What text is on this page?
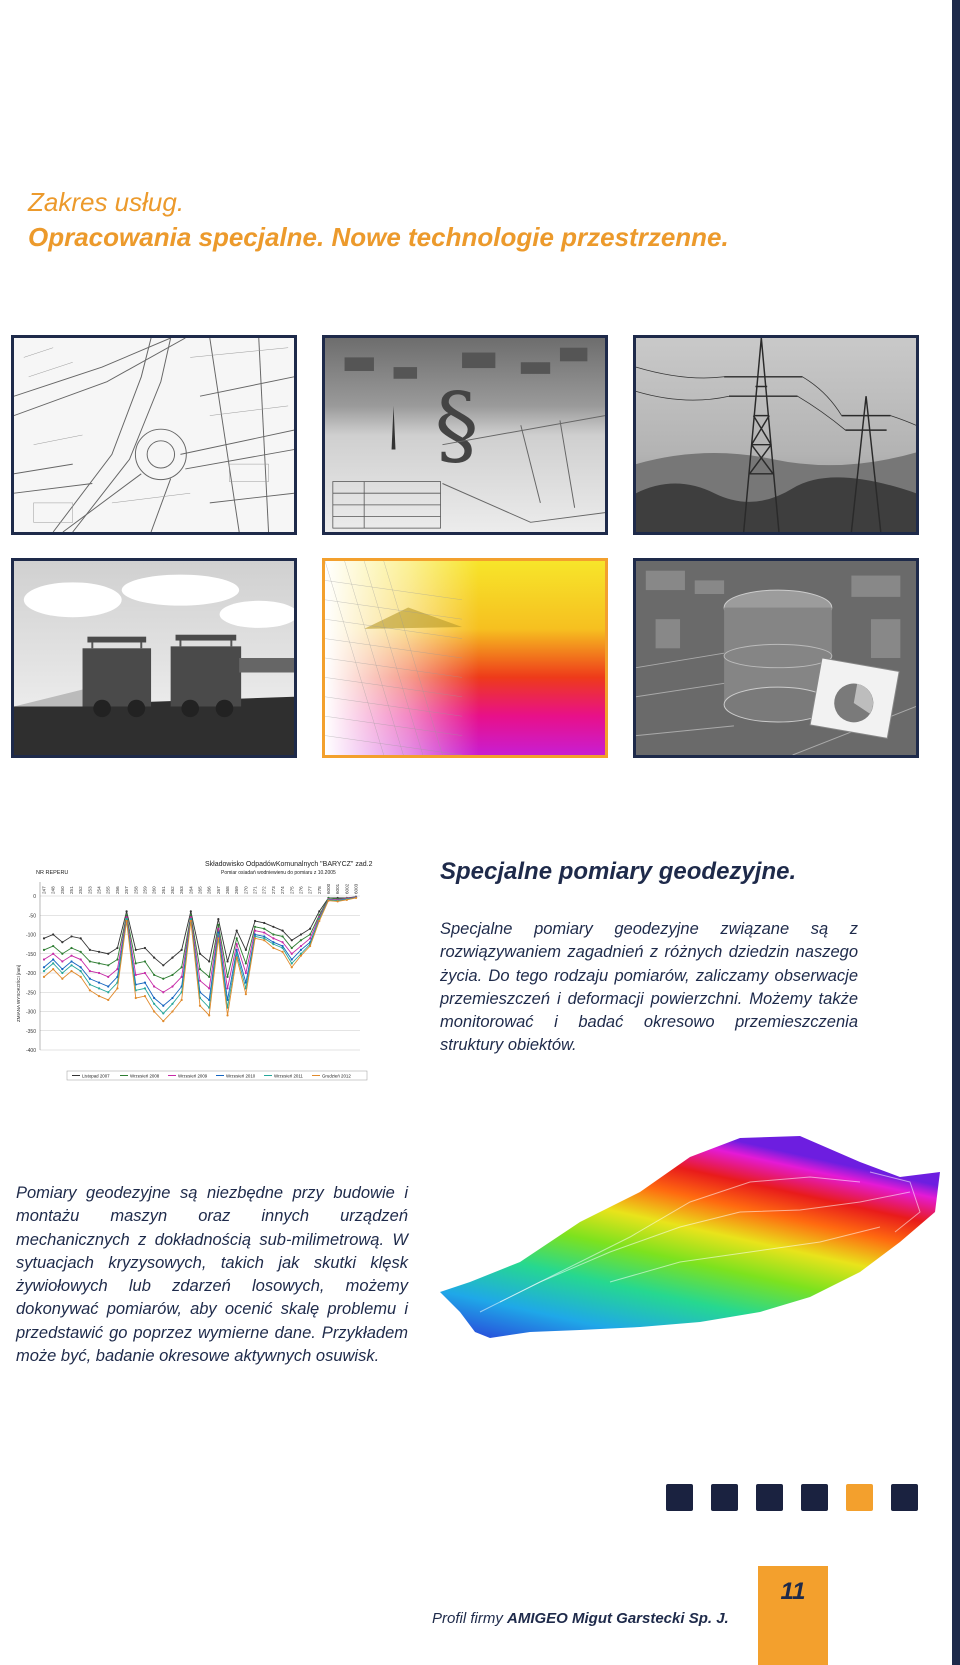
Zakres usług.
Opracowania specjalne. Nowe technologie przestrzenne.
§
Składowisko OdpadówKomunalnych "BARYCZ" zad.2
Pomiar osiadań wodniewienu do pomiaru z 10.2005
NR REPERU
ZMIANA WYSOKOŚCI [mm]
0
-50
-100
-150
-200
-250
-300
-350
-400
247 248 250 251 252 253 254 255 256 257 258 259 260 261 262 263 264 265 266 267 268 269 270 271 272 273 274 275 276 277 278 6000 6001 6002 6003
Listopad 2007	Wrzesień 2008	Wrzesień 2009	Wrzesień 2010	Wrzesień 2011	Grudzień 2012
Specjalne pomiary geodezyjne.

Specjalne pomiary geodezyjne związane są z rozwiązywaniem zagadnień z różnych dziedzin naszego życia. Do tego rodzaju pomiarów, zaliczamy obserwacje przemieszczeń i deformacji powierzchni. Możemy także monitorować i badać okresowo przemieszczenia struktury obiektów.

Pomiary geodezyjne są niezbędne przy budowie i montażu maszyn oraz innych urządzeń mechanicznych z dokładnością sub-milimetrową. W sytuacjach kryzysowych, takich jak skutki klęsk żywiołowych lub zdarzeń losowych, możemy dokonywać pomiarów, aby ocenić skalę problemu i przedstawić go poprzez wymierne dane. Przykładem może być, badanie okresowe aktywnych osuwisk.

Profil firmy AMIGEO Migut Garstecki Sp. J.
11
